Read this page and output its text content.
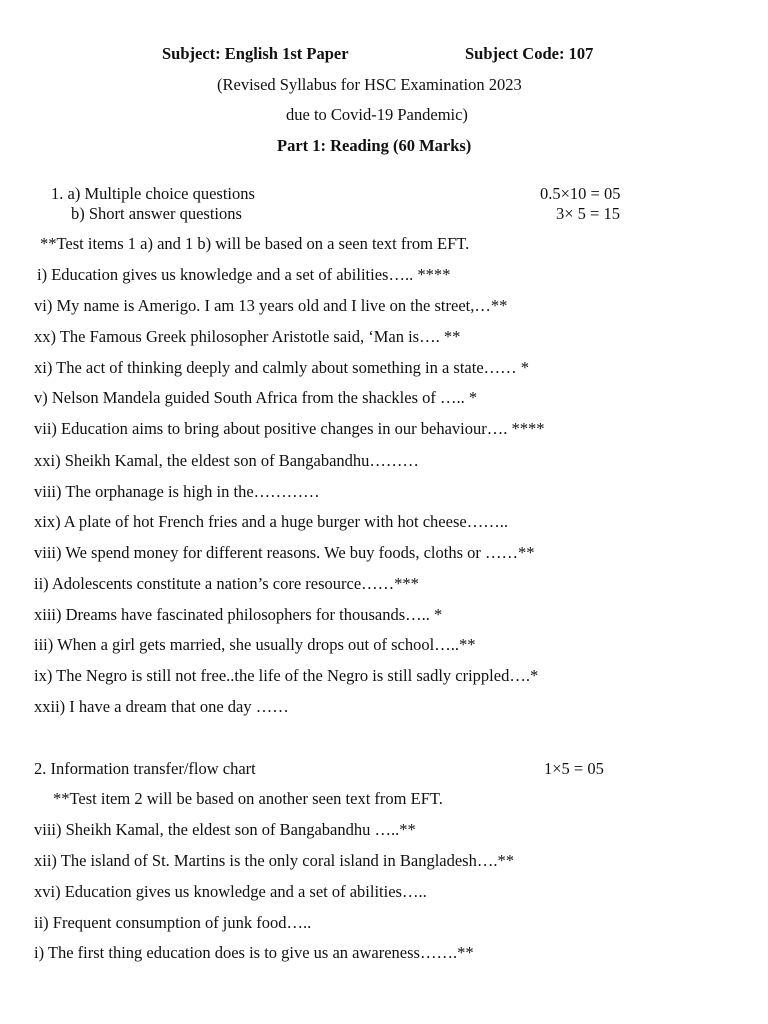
Subject: English 1st Paper	Subject Code: 107
(Revised Syllabus for HSC Examination 2023
due to Covid-19 Pandemic)
Part 1: Reading (60 Marks)
1. a) Multiple choice questions	0.5×10 = 05
b) Short answer questions	3× 5 = 15
**Test items 1 a) and 1 b) will be based on a seen text from EFT.
i) Education gives us knowledge and a set of abilities….. ****
vi) My name is Amerigo. I am 13 years old and I live on the street,…**
xx) The Famous Greek philosopher Aristotle said, ‘Man is…. **
xi) The act of thinking deeply and calmly about something in a state…… *
v) Nelson Mandela guided South Africa from the shackles of ….. *
vii) Education aims to bring about positive changes in our behaviour…. ****
xxi) Sheikh Kamal, the eldest son of Bangabandhu………
viii) The orphanage is high in the…………
xix) A plate of hot French fries and a huge burger with hot cheese……..
viii) We spend money for different reasons. We buy foods, cloths or ……**
ii) Adolescents constitute a nation’s core resource……***
xiii) Dreams have fascinated philosophers for thousands….. *
iii) When a girl gets married, she usually drops out of school…..**
ix) The Negro is still not free..the life of the Negro is still sadly crippled….*
xxii) I have a dream that one day ……
2. Information transfer/flow chart	1×5 = 05
**Test item 2 will be based on another seen text from EFT.
viii) Sheikh Kamal, the eldest son of Bangabandhu …..**
xii) The island of St. Martins is the only coral island in Bangladesh….**
xvi) Education gives us knowledge and a set of abilities…..
ii) Frequent consumption of junk food…..
i) The first thing education does is to give us an awareness…….**
